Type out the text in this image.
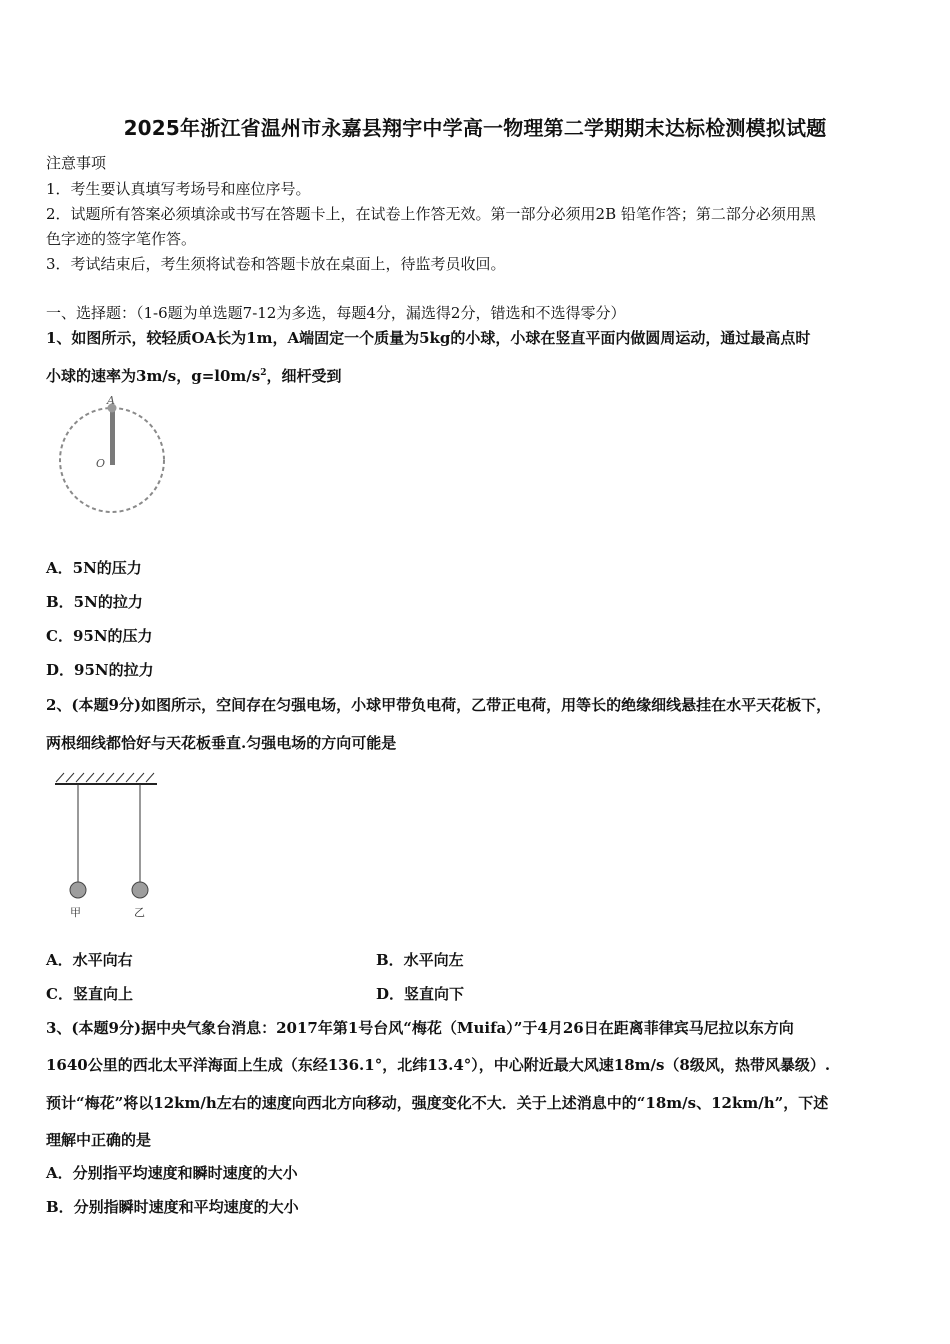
2025年浙江省温州市永嘉县翔宇中学高一物理第二学期期末达标检测模拟试题
注意事项
1．考生要认真填写考场号和座位序号。
2．试题所有答案必须填涂或书写在答题卡上，在试卷上作答无效。第一部分必须用2B 铅笔作答；第二部分必须用黑
色字迹的签字笔作答。
3．考试结束后，考生须将试卷和答题卡放在桌面上，待监考员收回。
一、选择题：（1-6题为单选题7-12为多选，每题4分，漏选得2分，错选和不选得零分）
1、如图所示，较轻质OA长为1m，A端固定一个质量为5kg的小球，小球在竖直平面内做圆周运动，通过最高点时
小球的速率为3m/s，$g=l0m/s^2$，细杆受到
A
O
A．5N的压力
B．5N的拉力
C．95N的压力
D．95N的拉力
2、(本题9分)如图所示，空间存在匀强电场，小球甲带负电荷，乙带正电荷，用等长的绝缘细线悬挂在水平天花板下，
两根细线都恰好与天花板垂直.匀强电场的方向可能是
甲	乙
A．水平向右	B．水平向左
C．竖直向上	D．竖直向下
3、(本题9分)据中央气象台消息：2017年第1号台风“梅花（Muifa）”于4月26日在距离菲律宾马尼拉以东方向
1640公里的西北太平洋海面上生成（东经136.1°，北纬13.4°），中心附近最大风速18m/s（8级风，热带风暴级）.
预计“梅花”将以12km/h左右的速度向西北方向移动，强度变化不大．关于上述消息中的“18m/s、12km/h”，下述
理解中正确的是
A．分别指平均速度和瞬时速度的大小
B．分别指瞬时速度和平均速度的大小
